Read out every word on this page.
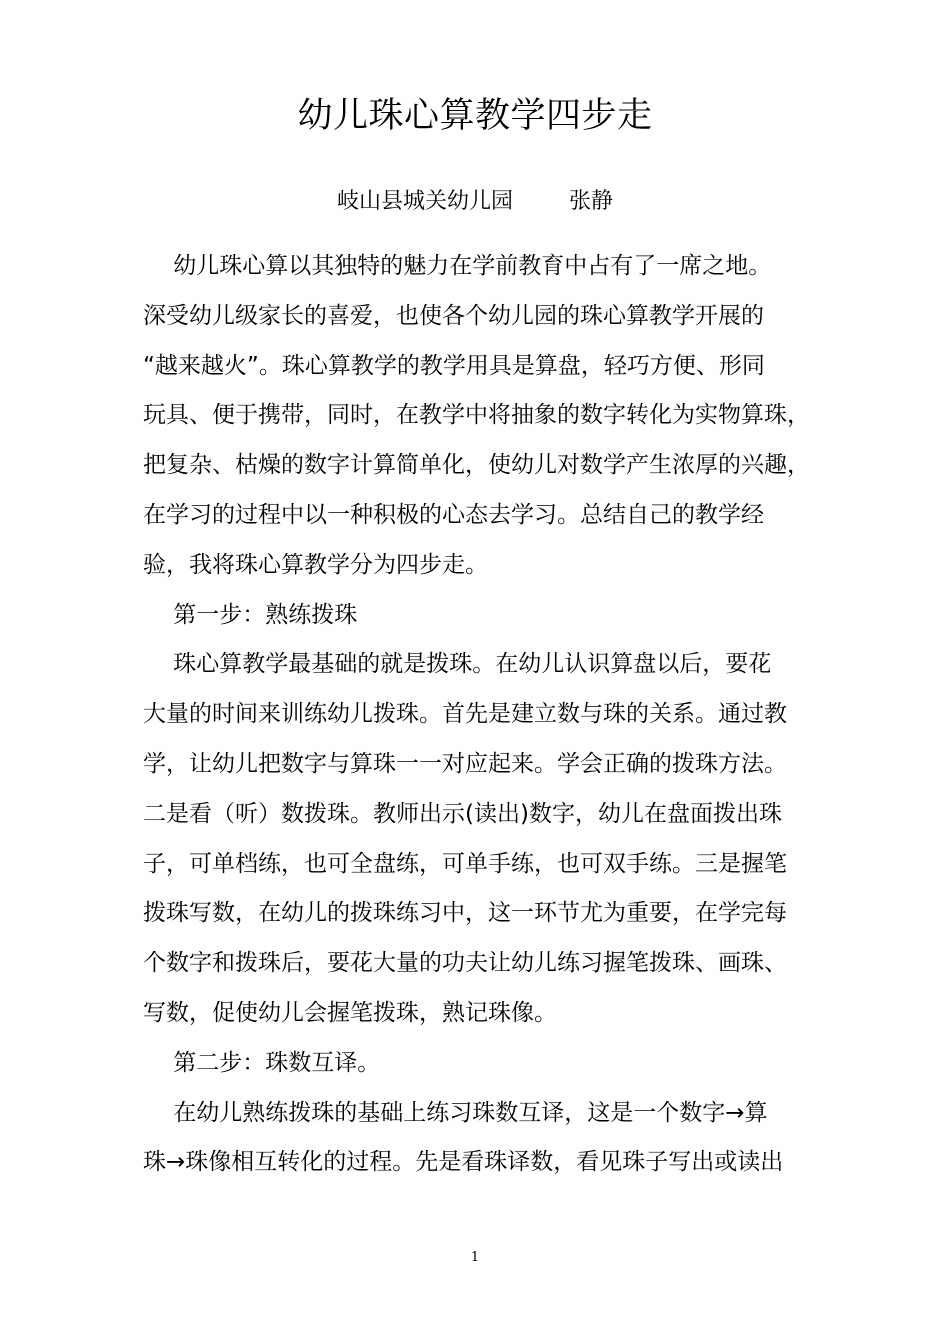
幼儿珠心算教学四步走
岐山县城关幼儿园	张静
　 幼儿珠心算以其独特的魅力在学前教育中占有了一席之地。
深受幼儿级家长的喜爱，也使各个幼儿园的珠心算教学开展的
“越来越火”。珠心算教学的教学用具是算盘，轻巧方便、形同
玩具、便于携带，同时，在教学中将抽象的数字转化为实物算珠，
把复杂、枯燥的数字计算简单化，使幼儿对数学产生浓厚的兴趣，
在学习的过程中以一种积极的心态去学习。总结自己的教学经
验，我将珠心算教学分为四步走。
　 第一步：熟练拨珠
　 珠心算教学最基础的就是拨珠。在幼儿认识算盘以后，要花
大量的时间来训练幼儿拨珠。首先是建立数与珠的关系。通过教
学，让幼儿把数字与算珠一一对应起来。学会正确的拨珠方法。
二是看（听）数拨珠。教师出示(读出)数字，幼儿在盘面拨出珠
子，可单档练，也可全盘练，可单手练，也可双手练。三是握笔
拨珠写数，在幼儿的拨珠练习中，这一环节尤为重要，在学完每
个数字和拨珠后，要花大量的功夫让幼儿练习握笔拨珠、画珠、
写数，促使幼儿会握笔拨珠，熟记珠像。
　 第二步：珠数互译。
　 在幼儿熟练拨珠的基础上练习珠数互译，这是一个数字→算
珠→珠像相互转化的过程。先是看珠译数，看见珠子写出或读出
1
